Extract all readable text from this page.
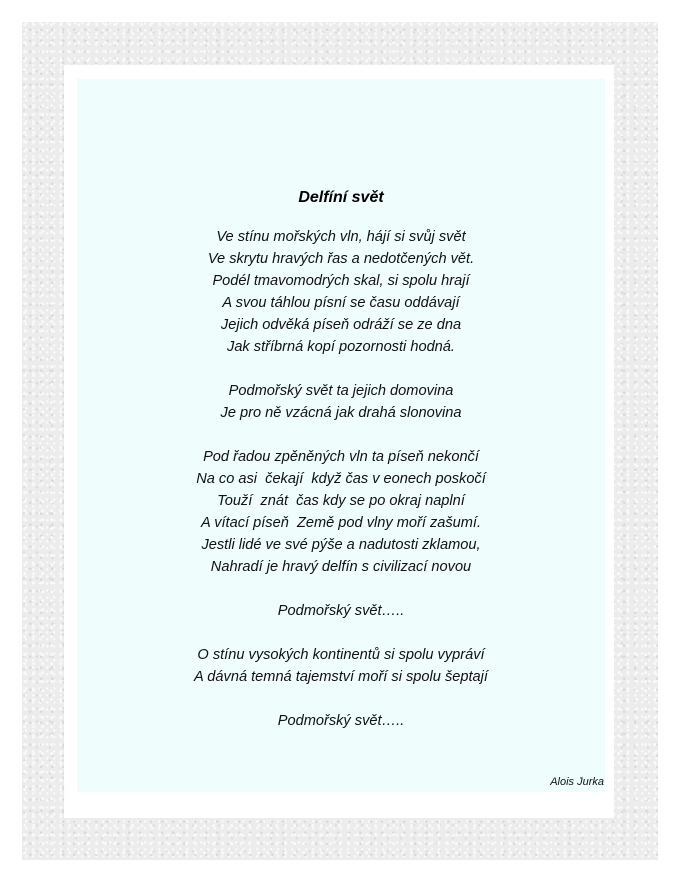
Delfíní svět
Ve stínu mořských vln, hájí si svůj svět
Ve skrytu hravých řas a nedotčených vět.
Podél tmavomodrých skal, si spolu hrají
A svou táhlou písní se času oddávají
Jejich odvěká píseň odráží se ze dna
Jak stříbrná kopí pozornosti hodná.
Podmořský svět ta jejich domovina
Je pro ně vzácná jak drahá slonovina
Pod řadou zpěněných vln ta píseň nekončí
Na co asi  čekají  když čas v eonech poskočí
Touží  znát  čas kdy se po okraj naplní
A vítací píseň  Země pod vlny moří zašumí.
Jestli lidé ve své pýše a nadutosti zklamou,
Nahradí je hravý delfín s civilizací novou
Podmořský svět…..
O stínu vysokých kontinentů si spolu vypráví
A dávná temná tajemství moří si spolu šeptají
Podmořský svět…..
Alois Jurka
